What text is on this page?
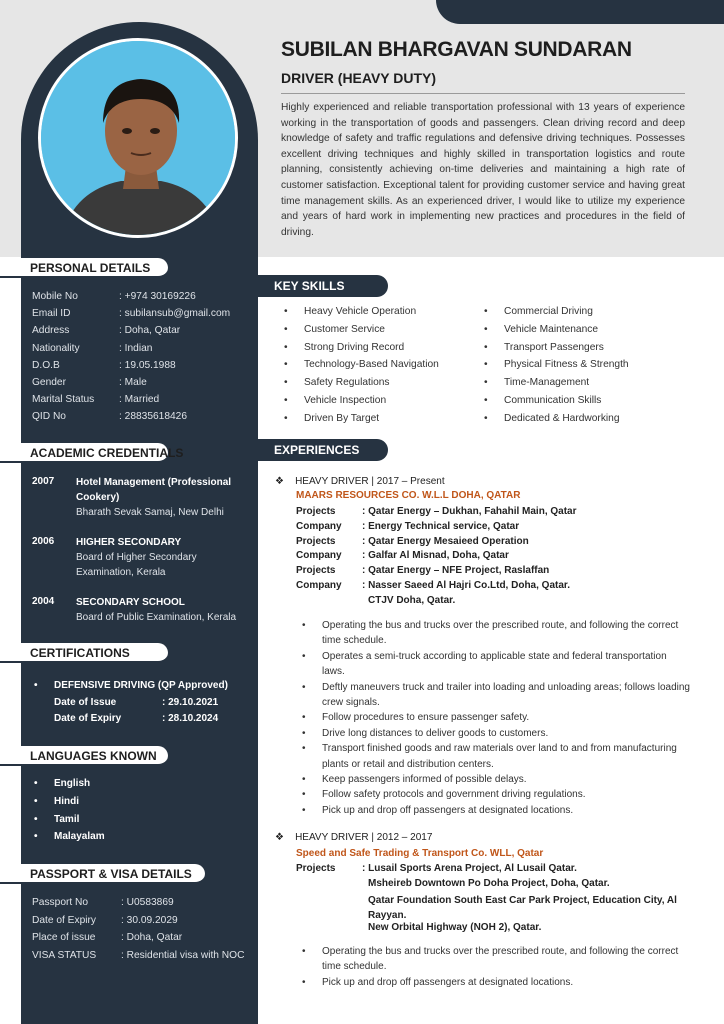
SUBILAN BHARGAVAN SUNDARAN
DRIVER (HEAVY DUTY)
Highly experienced and reliable transportation professional with 13 years of experience working in the transportation of goods and passengers. Clean driving record and deep knowledge of safety and traffic regulations and defensive driving techniques. Possesses excellent driving techniques and highly skilled in transportation logistics and route planning, consistently achieving on-time deliveries and maintaining a high rate of customer satisfaction. Exceptional talent for providing customer service and having great time management skills. As an experienced driver, I would like to utilize my experience and years of hard work in implementing new practices and procedures in the field of driving.
PERSONAL DETAILS
Mobile No	: +974 30169226
Email ID	: subilansub@gmail.com
Address	: Doha, Qatar
Nationality	: Indian
D.O.B	: 19.05.1988
Gender	: Male
Marital Status : Married
QID No	: 28835618426
ACADEMIC CREDENTIALS
2007 Hotel Management (Professional Cookery)
Bharath Sevak Samaj, New Delhi
2006 HIGHER SECONDARY
Board of Higher Secondary Examination, Kerala
2004 SECONDARY SCHOOL
Board of Public Examination, Kerala
CERTIFICATIONS
• DEFENSIVE DRIVING (QP Approved)
Date of Issue	: 29.10.2021
Date of Expiry	: 28.10.2024
LANGUAGES KNOWN
• English
• Hindi
• Tamil
• Malayalam
PASSPORT & VISA DETAILS
Passport No	: U0583869
Date of Expiry : 30.09.2029
Place of issue	: Doha, Qatar
VISA STATUS : Residential visa with NOC
KEY SKILLS
• Heavy Vehicle Operation
• Customer Service
• Strong Driving Record
• Technology-Based Navigation
• Safety Regulations
• Vehicle Inspection
• Driven By Target
• Commercial Driving
• Vehicle Maintenance
• Transport Passengers
• Physical Fitness & Strength
• Time-Management
• Communication Skills
• Dedicated & Hardworking
EXPERIENCES
❖    HEAVY DRIVER | 2017 – Present
MAARS RESOURCES CO. W.L.L DOHA, QATAR
Projects	: Qatar Energy – Dukhan, Fahahil Main, Qatar
Company : Energy Technical service, Qatar
Projects	: Qatar Energy Mesaieed Operation
Company : Galfar Al Misnad, Doha, Qatar
Projects	: Qatar Energy – NFE Project, Raslaffan
Company : Nasser Saeed Al Hajri Co.Ltd, Doha, Qatar.
CTJV Doha, Qatar.
• Operating the bus and trucks over the prescribed route, and following the correct time schedule.
• Operates a semi-truck according to applicable state and federal transportation laws.
• Deftly maneuvers truck and trailer into loading and unloading areas; follows loading crew signals.
• Follow procedures to ensure passenger safety.
• Drive long distances to deliver goods to customers.
• Transport finished goods and raw materials over land to and from manufacturing plants or retail and distribution centers.
• Keep passengers informed of possible delays.
• Follow safety protocols and government driving regulations.
• Pick up and drop off passengers at designated locations.
❖    HEAVY DRIVER | 2012 – 2017
Speed and Safe Trading & Transport Co. WLL, Qatar
Projects	: Lusail Sports Arena Project, Al Lusail Qatar.
Msheireb Downtown Po Doha Project, Doha, Qatar.
Qatar Foundation South East Car Park Project, Education City, Al Rayyan.
New Orbital Highway (NOH 2), Qatar.
• Operating the bus and trucks over the prescribed route, and following the correct time schedule.
• Pick up and drop off passengers at designated locations.
